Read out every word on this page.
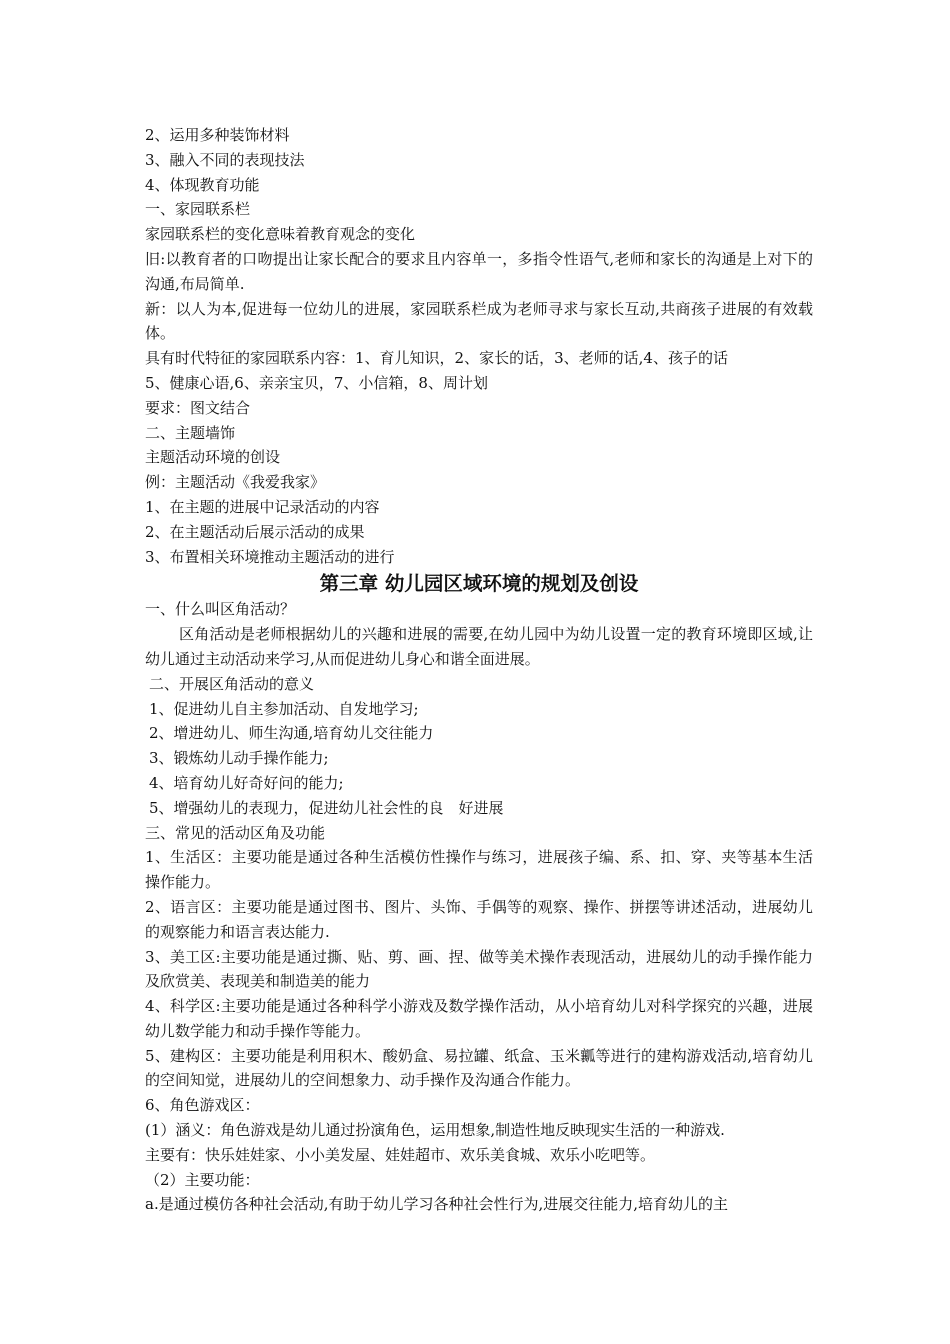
2、运用多种装饰材料
3、融入不同的表现技法
4、体现教育功能
一、家园联系栏
家园联系栏的变化意味着教育观念的变化
旧:以教育者的口吻提出让家长配合的要求且内容单一，多指令性语气,老师和家长的沟通是上对下的沟通,布局简单.
新：以人为本,促进每一位幼儿的进展，家园联系栏成为老师寻求与家长互动,共商孩子进展的有效载体。
具有时代特征的家园联系内容：1、育儿知识，2、家长的话，3、老师的话,4、孩子的话
5、健康心语,6、亲亲宝贝，7、小信箱，8、周计划
要求：图文结合
二、主题墙饰
主题活动环境的创设
例：主题活动《我爱我家》
1、在主题的进展中记录活动的内容
2、在主题活动后展示活动的成果
3、布置相关环境推动主题活动的进行
第三章 幼儿园区域环境的规划及创设
一、什么叫区角活动？
区角活动是老师根据幼儿的兴趣和进展的需要,在幼儿园中为幼儿设置一定的教育环境即区域,让幼儿通过主动活动来学习,从而促进幼儿身心和谐全面进展。
二、开展区角活动的意义
1、促进幼儿自主参加活动、自发地学习;
2、增进幼儿、师生沟通,培育幼儿交往能力
3、锻炼幼儿动手操作能力;
4、培育幼儿好奇好问的能力;
5、增强幼儿的表现力，促进幼儿社会性的良　好进展
三、常见的活动区角及功能
1、生活区：主要功能是通过各种生活模仿性操作与练习，进展孩子编、系、扣、穿、夹等基本生活操作能力。
2、语言区：主要功能是通过图书、图片、头饰、手偶等的观察、操作、拼摆等讲述活动，进展幼儿的观察能力和语言表达能力.
3、美工区:主要功能是通过撕、贴、剪、画、捏、做等美术操作表现活动，进展幼儿的动手操作能力及欣赏美、表现美和制造美的能力
4、科学区:主要功能是通过各种科学小游戏及数学操作活动，从小培育幼儿对科学探究的兴趣，进展幼儿数学能力和动手操作等能力。
5、建构区：主要功能是利用积木、酸奶盒、易拉罐、纸盒、玉米瓤等进行的建构游戏活动,培育幼儿的空间知觉，进展幼儿的空间想象力、动手操作及沟通合作能力。
6、角色游戏区：
(1）涵义：角色游戏是幼儿通过扮演角色，运用想象,制造性地反映现实生活的一种游戏.
主要有：快乐娃娃家、小小美发屋、娃娃超市、欢乐美食城、欢乐小吃吧等。
（2）主要功能：
a.是通过模仿各种社会活动,有助于幼儿学习各种社会性行为,进展交往能力,培育幼儿的主
